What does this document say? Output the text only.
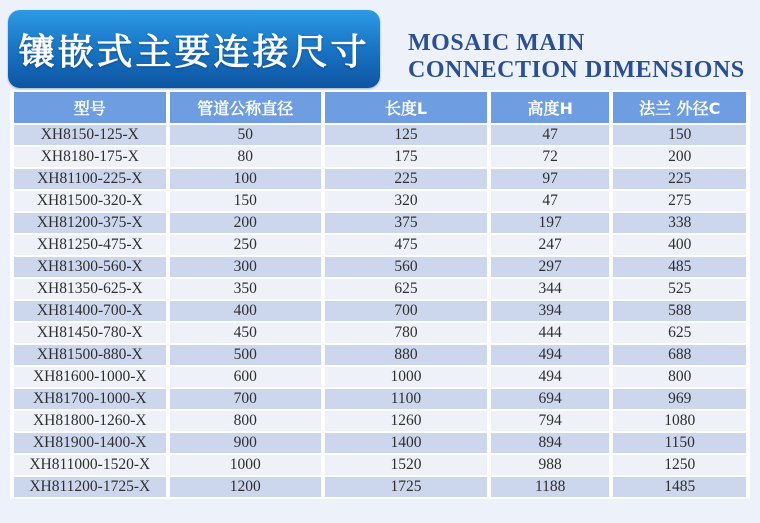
镶嵌式主要连接尺寸 MOSAIC MAIN
CONNECTION DIMENSIONS
型号	管道公称直径	长度L	高度H	法兰 外径C
XH8150-125-X	50	125	47	150
XH8180-175-X	80	175	72	200
XH81100-225-X	100	225	97	225
XH81500-320-X	150	320	47	275
XH81200-375-X	200	375	197	338
XH81250-475-X	250	475	247	400
XH81300-560-X	300	560	297	485
XH81350-625-X	350	625	344	525
XH81400-700-X	400	700	394	588
XH81450-780-X	450	780	444	625
XH81500-880-X	500	880	494	688
XH81600-1000-X	600	1000	494	800
XH81700-1000-X	700	1100	694	969
XH81800-1260-X	800	1260	794	1080
XH81900-1400-X	900	1400	894	1150
XH811000-1520-X	1000	1520	988	1250
XH811200-1725-X	1200	1725	1188	1485
